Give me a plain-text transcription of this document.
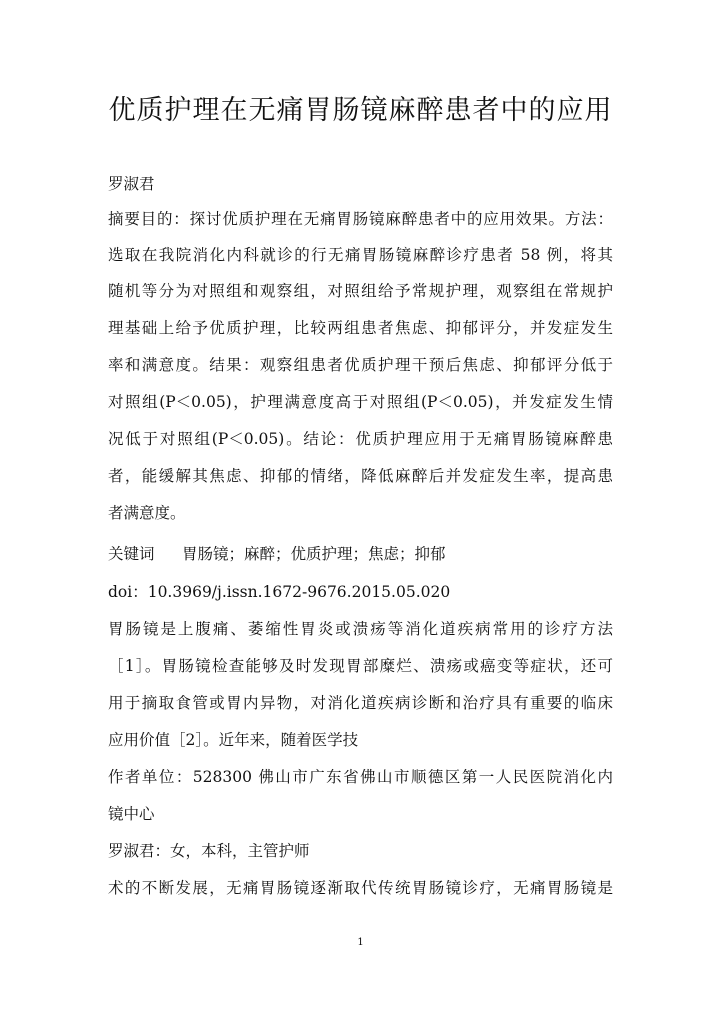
优质护理在无痛胃肠镜麻醉患者中的应用

罗淑君

摘要目的：探讨优质护理在无痛胃肠镜麻醉患者中的应用效果。方法：

选取在我院消化内科就诊的行无痛胃肠镜麻醉诊疗患者 58 例，将其

随机等分为对照组和观察组，对照组给予常规护理，观察组在常规护

理基础上给予优质护理，比较两组患者焦虑、抑郁评分，并发症发生

率和满意度。结果：观察组患者优质护理干预后焦虑、抑郁评分低于

对照组(P＜0.05)，护理满意度高于对照组(P＜0.05)，并发症发生情

况低于对照组(P＜0.05)。结论：优质护理应用于无痛胃肠镜麻醉患

者，能缓解其焦虑、抑郁的情绪，降低麻醉后并发症发生率，提高患

者满意度。

关键词 胃肠镜；麻醉；优质护理；焦虑；抑郁

doi：10.3969/j.issn.1672-9676.2015.05.020

胃肠镜是上腹痛、萎缩性胃炎或溃疡等消化道疾病常用的诊疗方法

［1］。胃肠镜检查能够及时发现胃部糜烂、溃疡或癌变等症状，还可

用于摘取食管或胃内异物，对消化道疾病诊断和治疗具有重要的临床

应用价值［2］。近年来，随着医学技

作者单位：528300 佛山市广东省佛山市顺德区第一人民医院消化内

镜中心

罗淑君：女，本科，主管护师

术的不断发展，无痛胃肠镜逐渐取代传统胃肠镜诊疗，无痛胃肠镜是

1
